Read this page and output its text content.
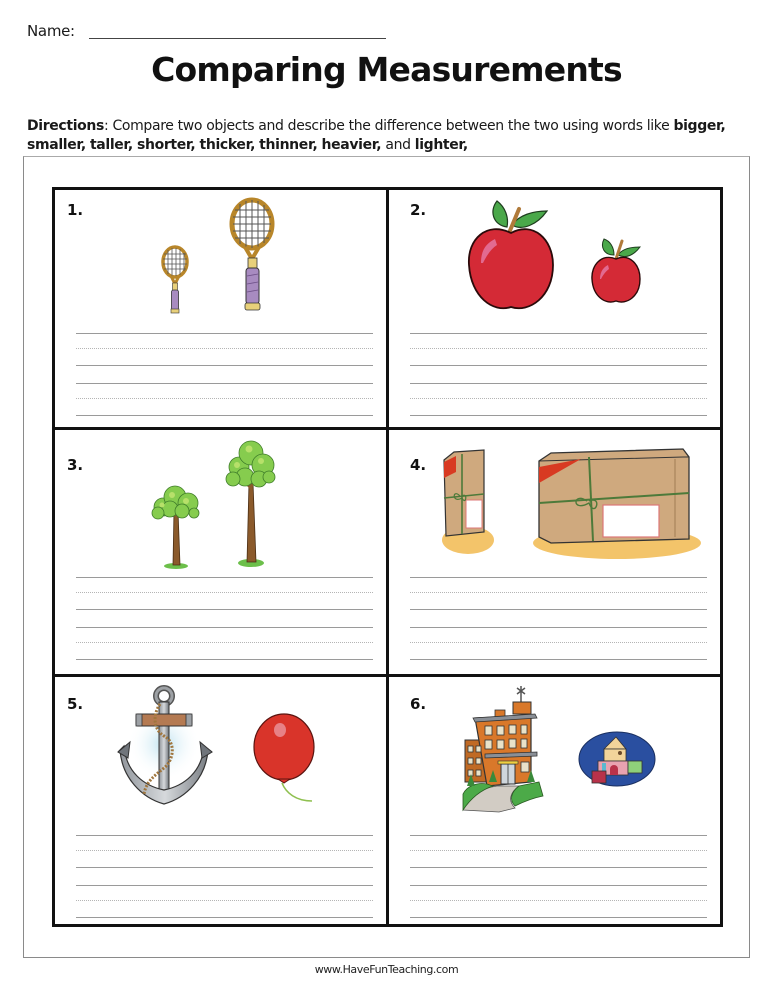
Name:
Comparing Measurements
Directions: Compare two objects and describe the difference between the two using words like bigger,
smaller, taller, shorter, thicker, thinner, heavier, and lighter,
1.	2.
3.	4.
5.	6.
www.HaveFunTeaching.com
